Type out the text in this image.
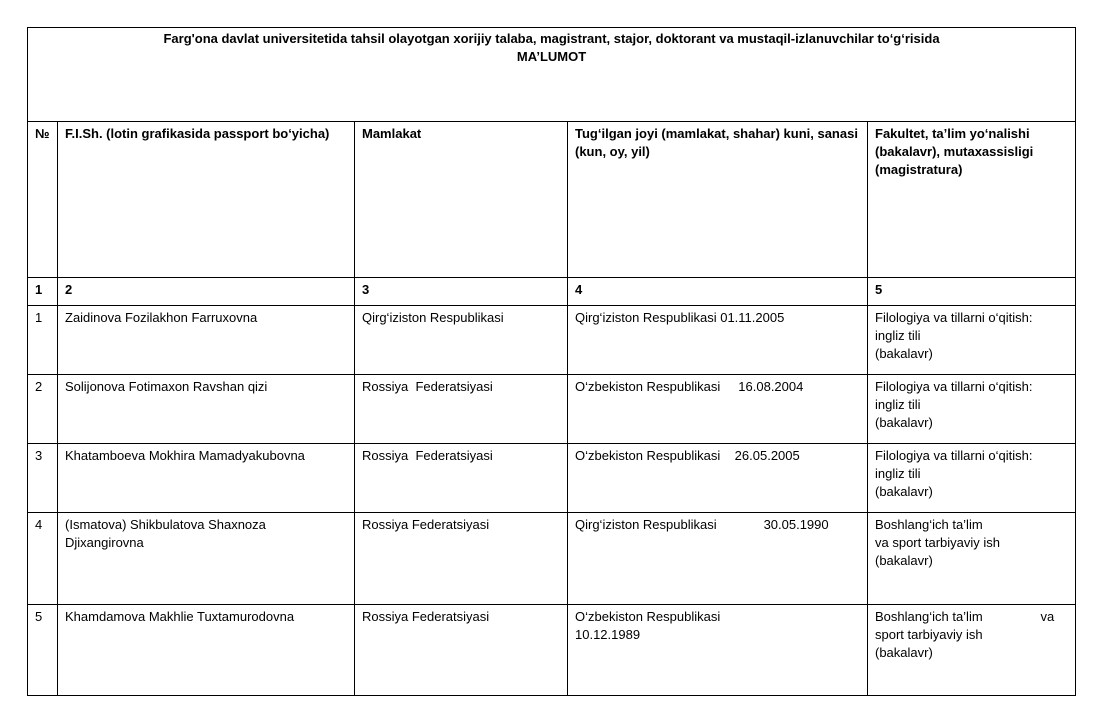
Farg'ona davlat universitetida tahsil olayotgan xorijiy talaba, magistrant, stajor, doktorant va mustaqil-izlanuvchilar to‘g‘risida
MA’LUMOT				

№	F.I.Sh. (lotin grafikasida passport bo‘yicha)	Mamlakat	Tug‘ilgan joyi (mamlakat, shahar) kuni, sanasi (kun, oy, yil)	Fakultet, ta’lim yo‘nalishi (bakalavr), mutaxassisligi (magistratura)
1	2	3	4	5
1	Zaidinova Fozilakhon Farruxovna	Qirg‘iziston Respublikasi	Qirg‘iziston Respublikasi 01.11.2005	Filologiya va tillarni o‘qitish:
ingliz tili
(bakalavr)

2	Solijonova Fotimaxon Ravshan qizi	Rossiya  Federatsiyasi	O‘zbekiston Respublikasi     16.08.2004	Filologiya va tillarni o‘qitish:
ingliz tili
(bakalavr)

3	Khatamboeva Mokhira Mamadyakubovna	Rossiya  Federatsiyasi	O‘zbekiston Respublikasi    26.05.2005	Filologiya va tillarni o‘qitish:
ingliz tili
(bakalavr)

4	(Ismatova) Shikbulatova Shaxnoza Djixangirovna	Rossiya Federatsiyasi	Qirg‘iziston Respublikasi             30.05.1990	Boshlang‘ich ta’lim
va sport tarbiyaviy ish
(bakalavr)

5	Khamdamova Makhlie Tuxtamurodovna	Rossiya Federatsiyasi	O‘zbekiston Respublikasi
10.12.1989	Boshlang‘ich ta’lim                va
sport tarbiyaviy ish
(bakalavr)
